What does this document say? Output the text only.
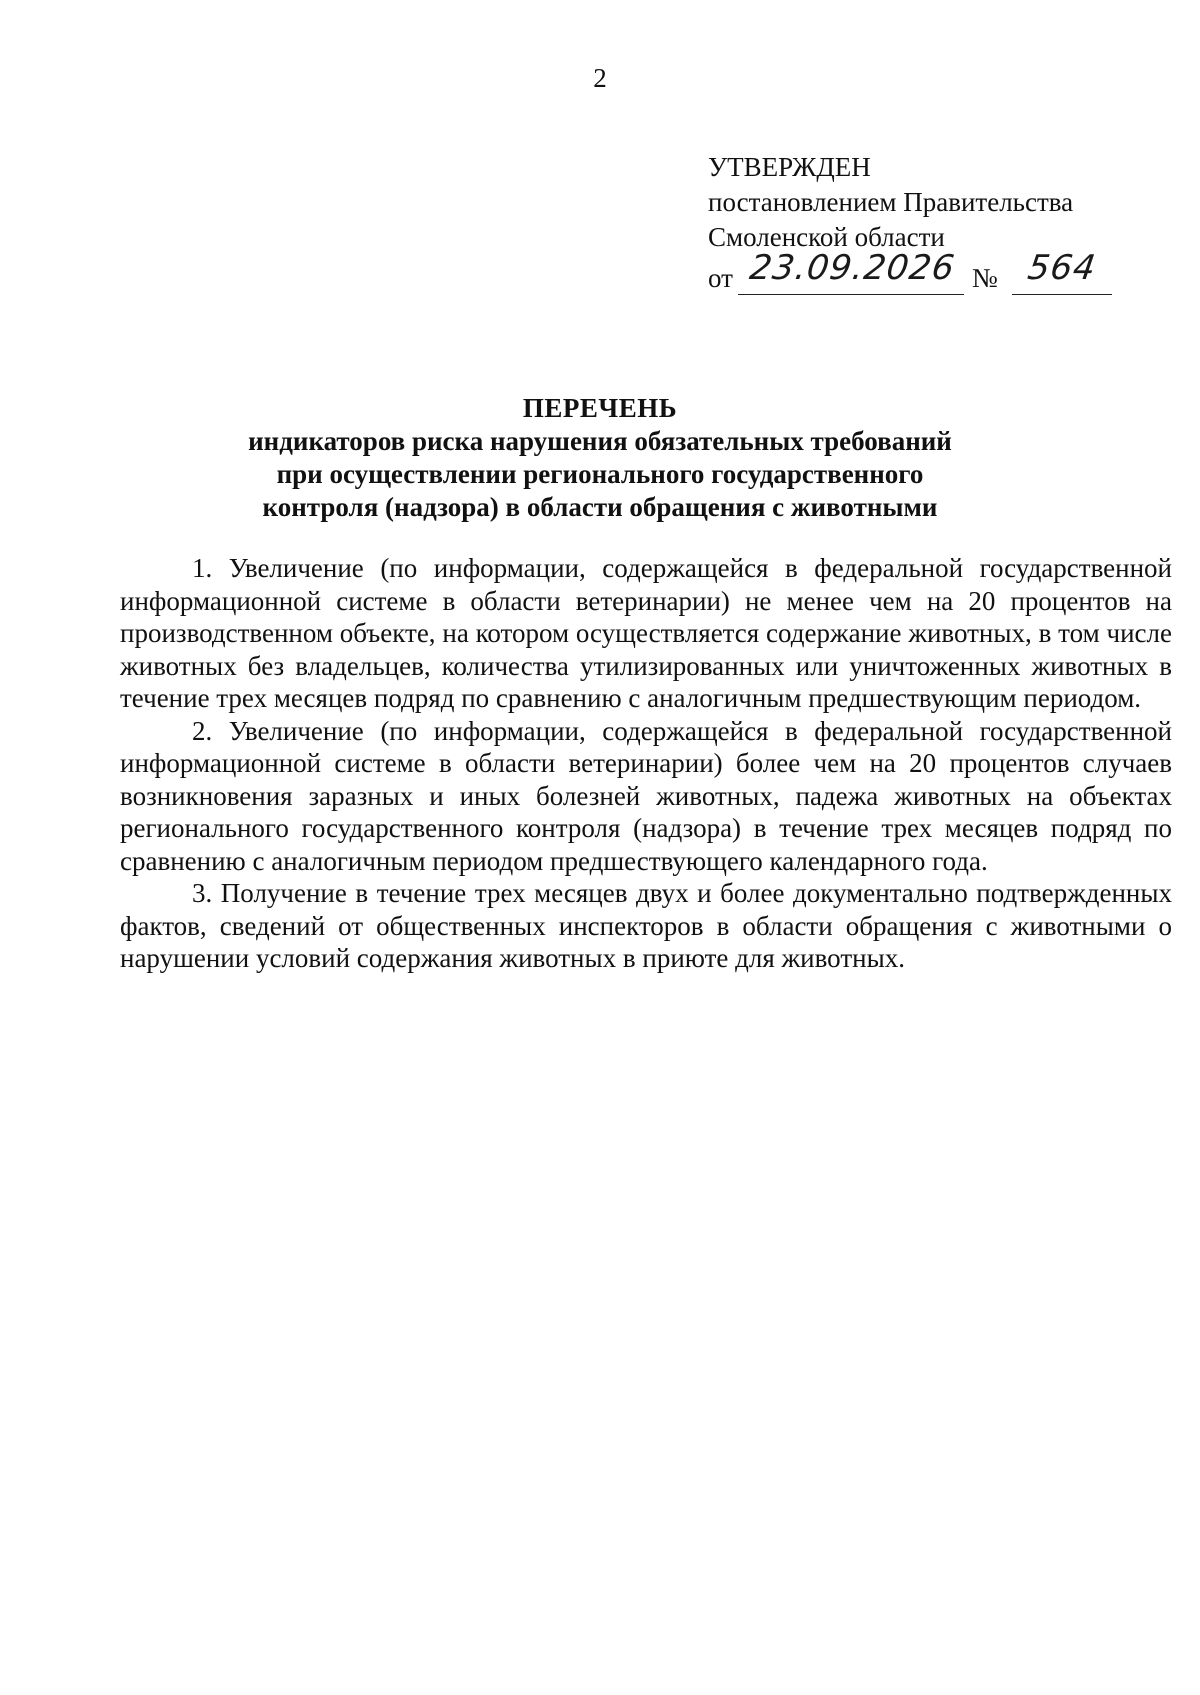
2
УТВЕРЖДЕН
постановлением Правительства
Смоленской области
от 23.09.2026 № 564
ПЕРЕЧЕНЬ
индикаторов риска нарушения обязательных требований
при осуществлении регионального государственного
контроля (надзора) в области обращения с животными

1. Увеличение (по информации, содержащейся в федеральной государственной информационной системе в области ветеринарии) не менее чем на 20 процентов на производственном объекте, на котором осуществляется содержание животных, в том числе животных без владельцев, количества утилизированных или уничтоженных животных в течение трех месяцев подряд по сравнению с аналогичным предшествующим периодом.

2. Увеличение (по информации, содержащейся в федеральной государственной информационной системе в области ветеринарии) более чем на 20 процентов случаев возникновения заразных и иных болезней животных, падежа животных на объектах регионального государственного контроля (надзора) в течение трех месяцев подряд по сравнению с аналогичным периодом предшествующего календарного года.

3. Получение в течение трех месяцев двух и более документально подтвержденных фактов, сведений от общественных инспекторов в области обращения с животными о нарушении условий содержания животных в приюте для животных.
